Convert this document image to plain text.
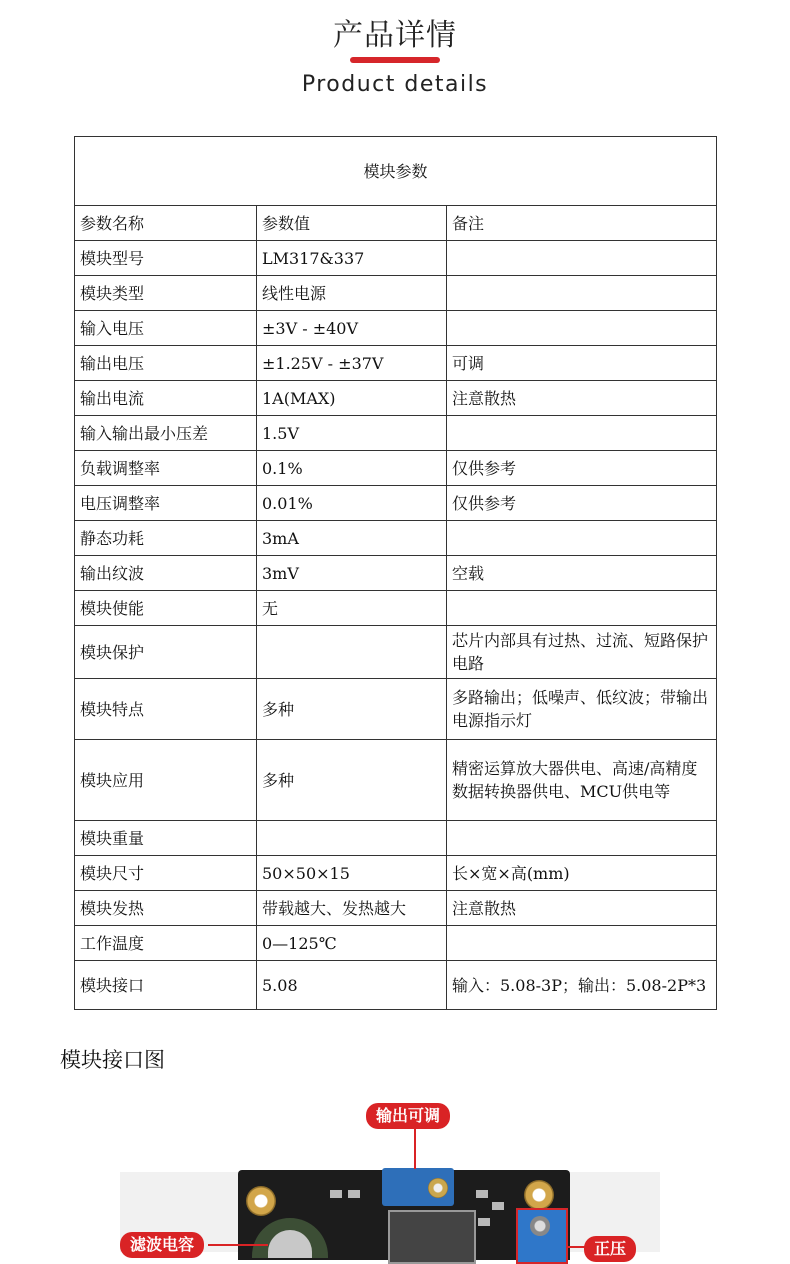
产品详情
Product details
模块参数		
参数名称	参数值	备注
模块型号	LM317&337	
模块类型	线性电源	
输入电压	±3V - ±40V	
输出电压	±1.25V - ±37V	可调
输出电流	1A(MAX)	注意散热
输入输出最小压差	1.5V	
负载调整率	0.1%	仅供参考
电压调整率	0.01%	仅供参考
静态功耗	3mA	
输出纹波	3mV	空载
模块使能	无	
模块保护		芯片内部具有过热、过流、短路保护电路
模块特点	多种	多路输出；低噪声、低纹波；带输出电源指示灯
模块应用	多种	精密运算放大器供电、高速/高精度数据转换器供电、MCU供电等
模块重量		
模块尺寸	50×50×15	长×宽×高(mm)
模块发热	带载越大、发热越大	注意散热
工作温度	0—125℃	
模块接口	5.08	输入：5.08-3P；输出：5.08-2P*3
模块接口图
输出可调
滤波电容	正压
